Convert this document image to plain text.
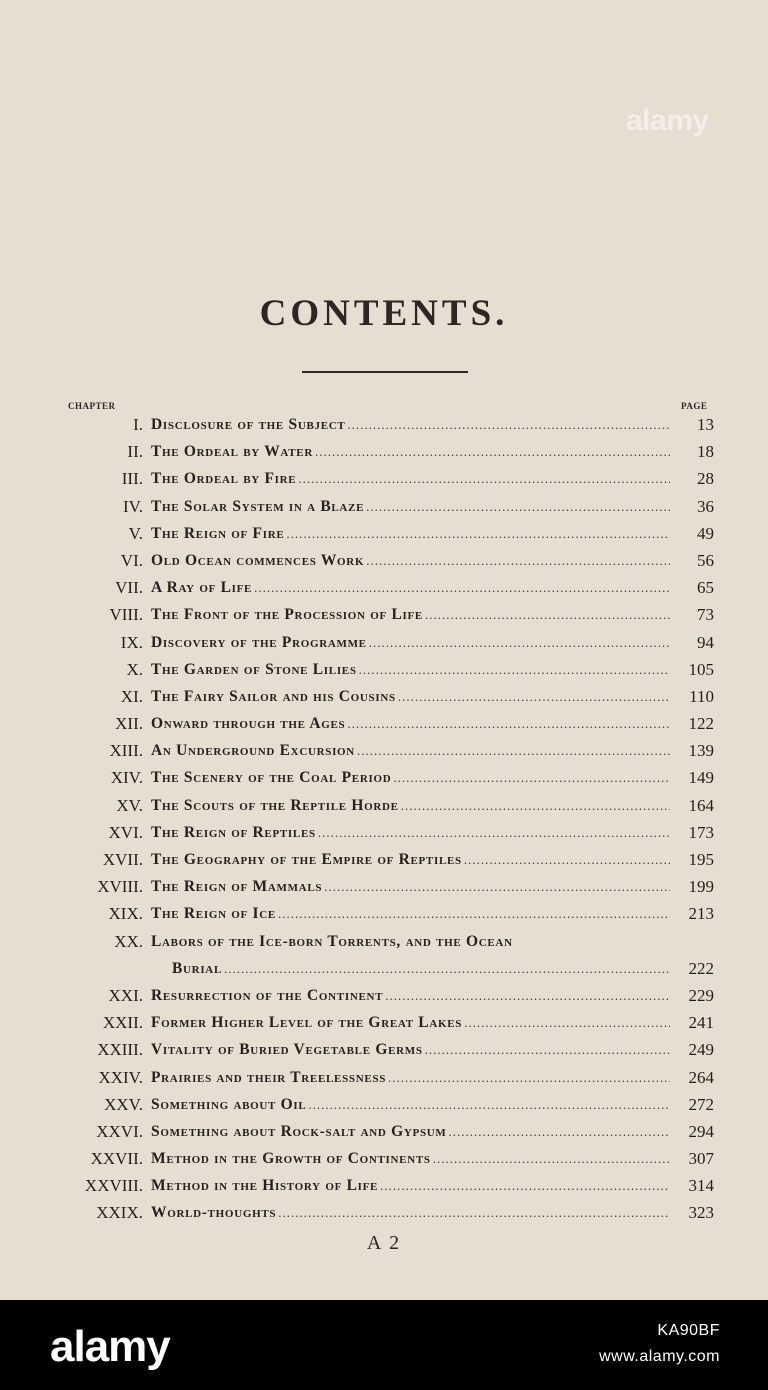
alamy
CONTENTS.
CHAPTER	PAGE
I. Disclosure of the Subject .....	13
II. The Ordeal by Water .....	18
III. The Ordeal by Fire .....	28
IV. The Solar System in a Blaze .....	36
V. The Reign of Fire .....	49
VI. Old Ocean commences Work .....	56
VII. A Ray of Life .....	65
VIII. The Front of the Procession of Life .....	73
IX. Discovery of the Programme .....	94
X. The Garden of Stone Lilies .....	105
XI. The Fairy Sailor and his Cousins .....	110
XII. Onward through the Ages .....	122
XIII. An Underground Excursion .....	139
XIV. The Scenery of the Coal Period .....	149
XV. The Scouts of the Reptile Horde .....	164
XVI. The Reign of Reptiles .....	173
XVII. The Geography of the Empire of Reptiles .....	195
XVIII. The Reign of Mammals .....	199
XIX. The Reign of Ice .....	213
XX. Labors of the Ice-born Torrents, and the Ocean
Burial .....	222
XXI. Resurrection of the Continent .....	229
XXII. Former Higher Level of the Great Lakes .....	241
XXIII. Vitality of Buried Vegetable Germs .....	249
XXIV. Prairies and their Treelessness .....	264
XXV. Something about Oil .....	272
XXVI. Something about Rock-salt and Gypsum .....	294
XXVII. Method in the Growth of Continents .....	307
XXVIII. Method in the History of Life .....	314
XXIX. World-thoughts .....	323
A 2
alamy	KA90BF
www.alamy.com
